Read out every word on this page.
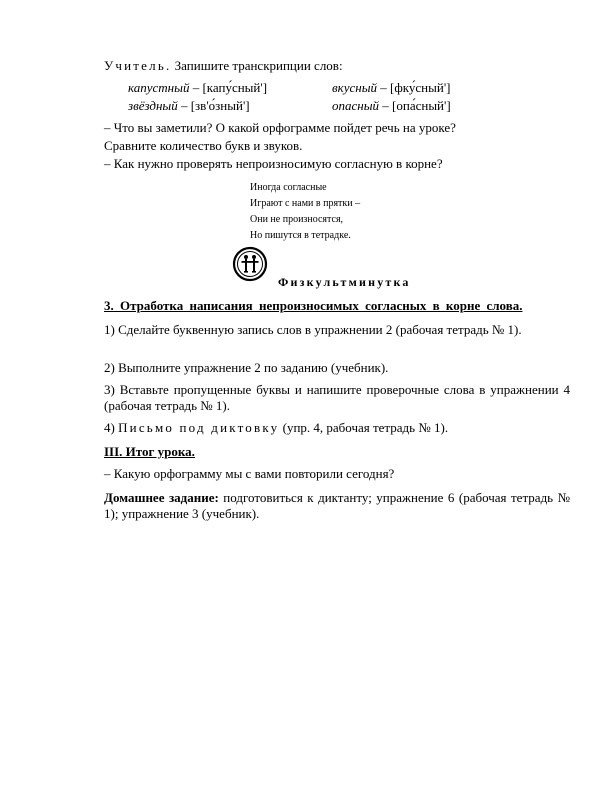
Учитель. Запишите транскрипции слов:
капустный – [капу́сный']	вкусный – [фку́сный']
звёздный – [зв'о́зный']	опасный – [опа́сный']
– Что вы заметили? О какой орфограмме пойдет речь на уроке?
Сравните количество букв и звуков.
– Как нужно проверять непроизносимую согласную в корне?
Иногда согласные
Играют с нами в прятки –
Они не произносятся,
Но пишутся в тетрадке.
Физкультминутка
3. Отработка написания непроизносимых согласных в корне слова.
1) Сделайте буквенную запись слов в упражнении 2 (рабочая тетрадь № 1).
2) Выполните упражнение 2 по заданию (учебник).
3) Вставьте пропущенные буквы и напишите проверочные слова в упражнении 4 (рабочая тетрадь № 1).
4) Письмо под диктовку (упр. 4, рабочая тетрадь № 1).
III. Итог урока.
– Какую орфограмму мы с вами повторили сегодня?
Домашнее задание: подготовиться к диктанту; упражнение 6 (рабочая тетрадь № 1); упражнение 3 (учебник).
